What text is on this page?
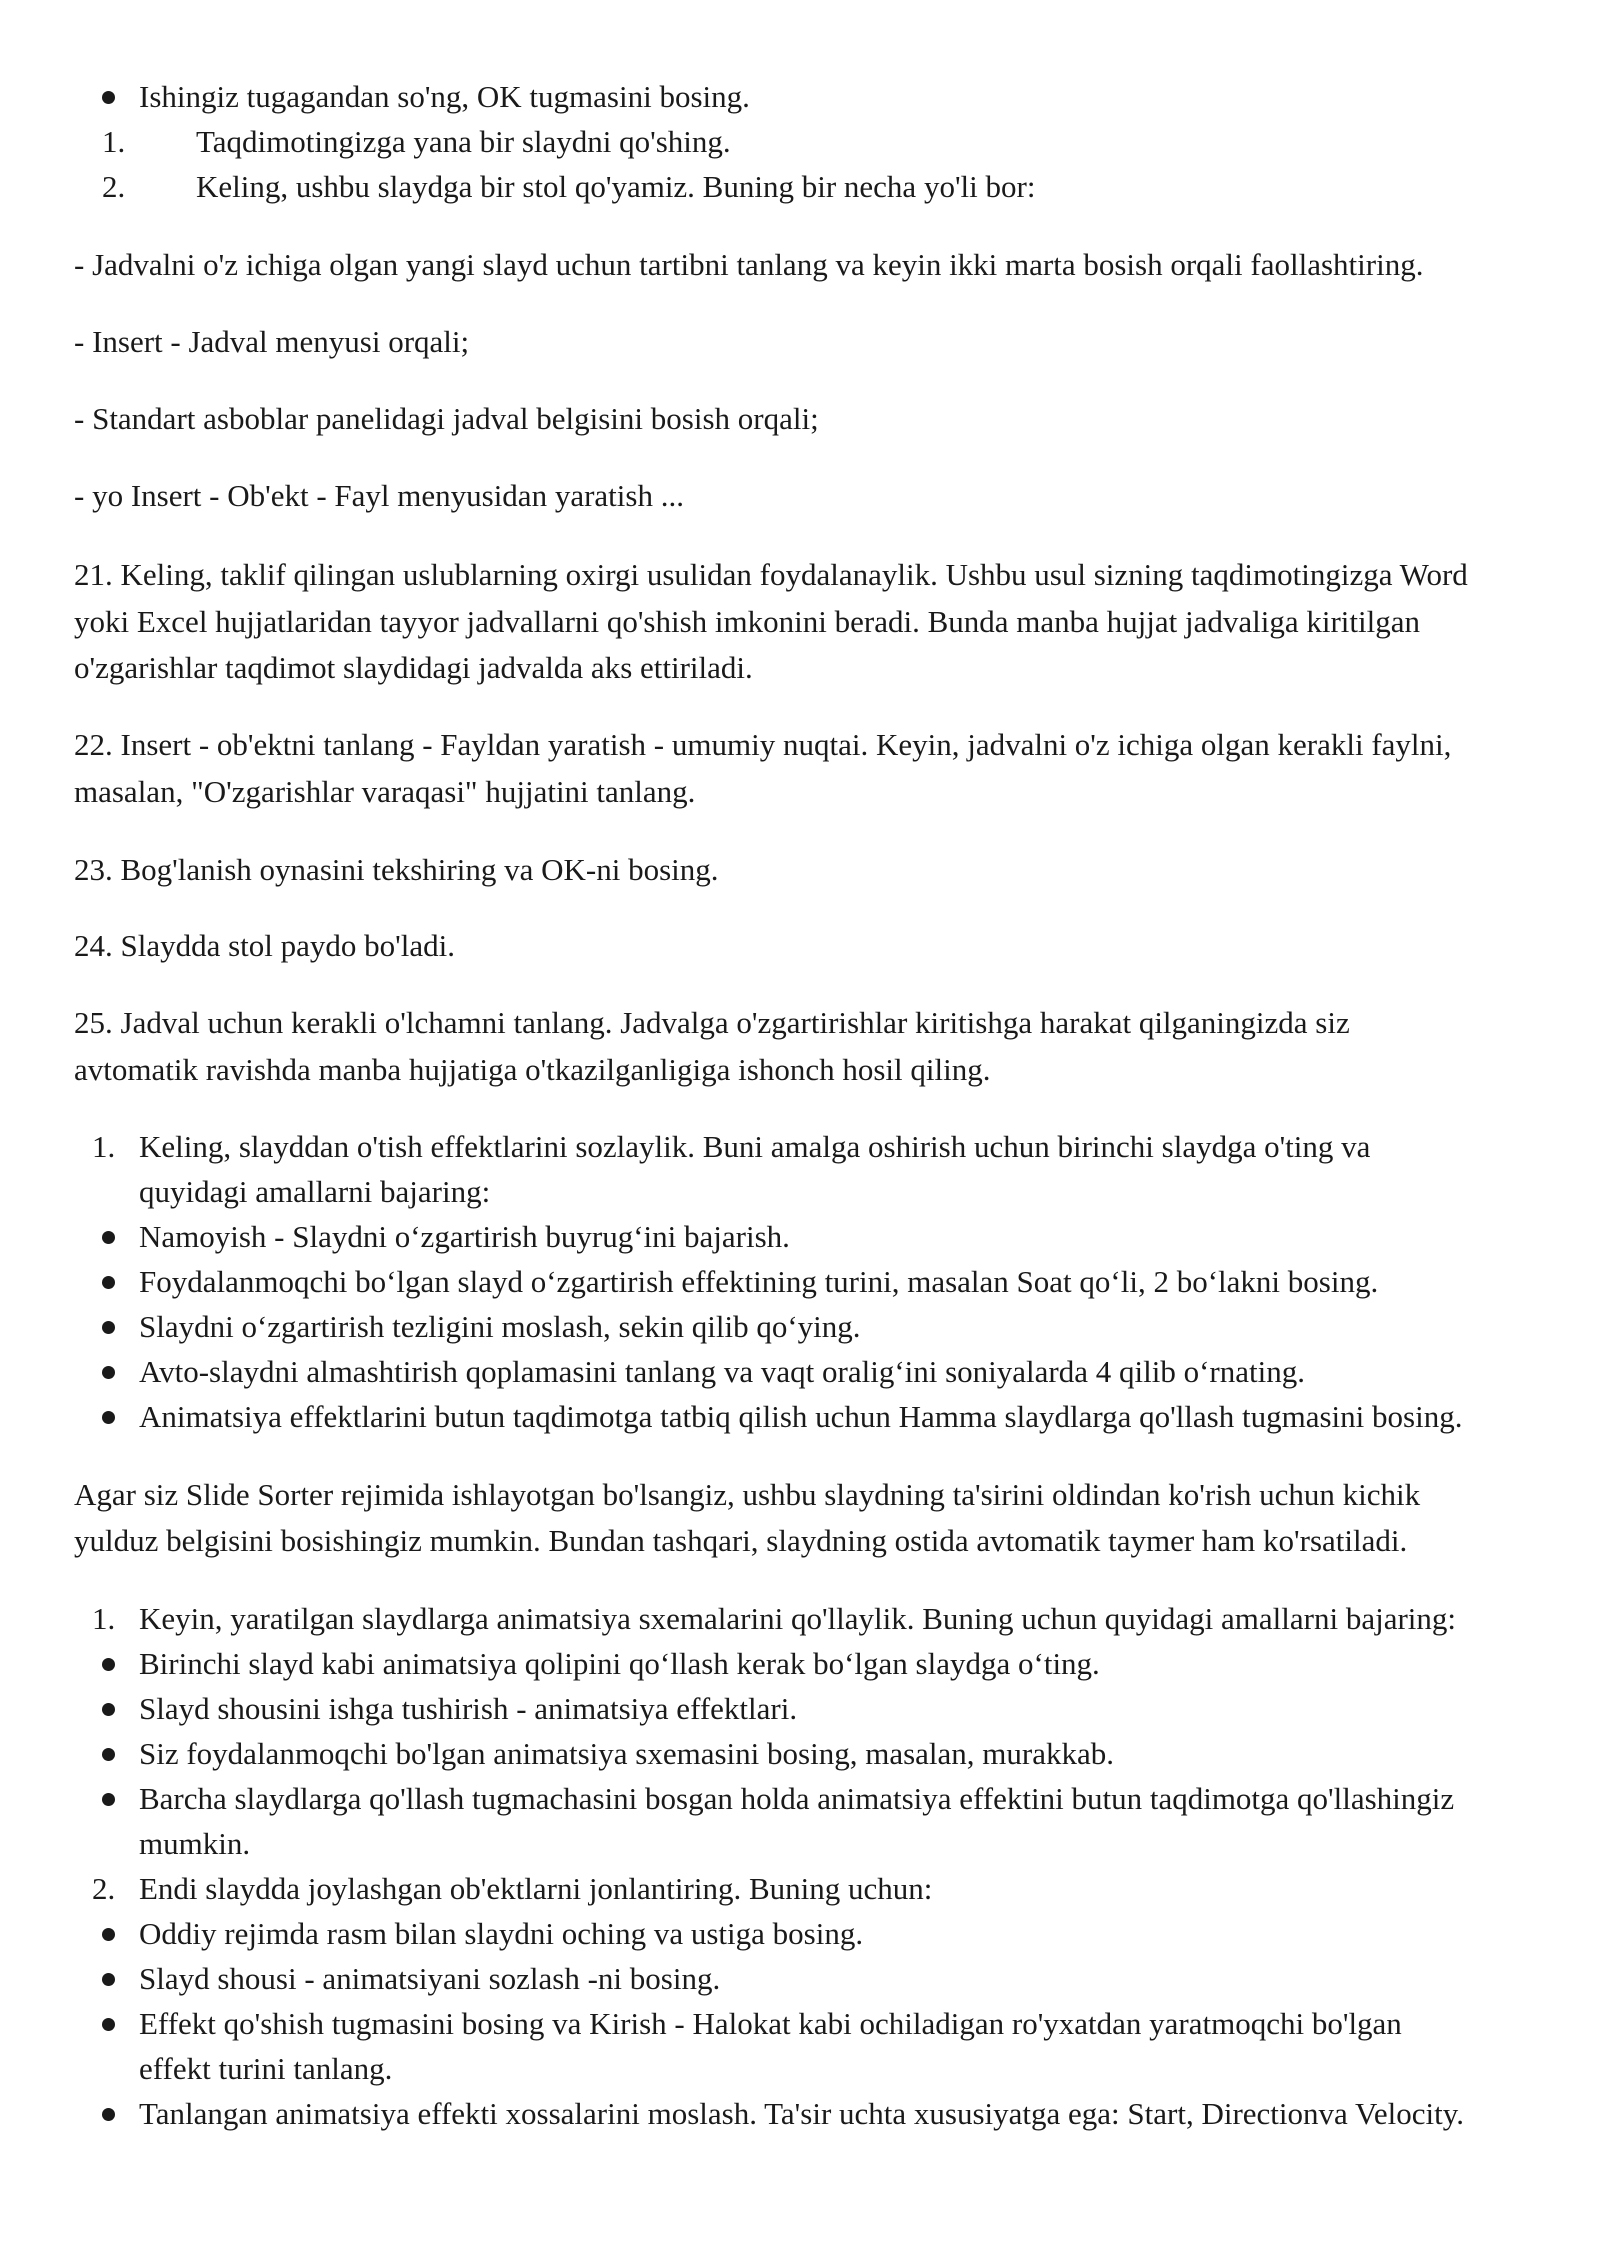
Ishingiz tugagandan so'ng, OK tugmasini bosing.
1. Taqdimotingizga yana bir slaydni qo'shing.
2. Keling, ushbu slaydga bir stol qo'yamiz. Buning bir necha yo'li bor:
- Jadvalni o'z ichiga olgan yangi slayd uchun tartibni tanlang va keyin ikki marta bosish orqali faollashtiring.
- Insert - Jadval menyusi orqali;
- Standart asboblar panelidagi jadval belgisini bosish orqali;
- yo Insert - Ob'ekt - Fayl menyusidan yaratish ...
21. Keling, taklif qilingan uslublarning oxirgi usulidan foydalanaylik. Ushbu usul sizning taqdimotingizga Word
yoki Excel hujjatlaridan tayyor jadvallarni qo'shish imkonini beradi. Bunda manba hujjat jadvaliga kiritilgan
o'zgarishlar taqdimot slaydidagi jadvalda aks ettiriladi.
22. Insert - ob'ektni tanlang - Fayldan yaratish - umumiy nuqtai. Keyin, jadvalni o'z ichiga olgan kerakli faylni,
masalan, "O'zgarishlar varaqasi" hujjatini tanlang.
23. Bog'lanish oynasini tekshiring va OK-ni bosing.
24. Slaydda stol paydo bo'ladi.
25. Jadval uchun kerakli o'lchamni tanlang. Jadvalga o'zgartirishlar kiritishga harakat qilganingizda siz
avtomatik ravishda manba hujjatiga o'tkazilganligiga ishonch hosil qiling.
1. Keling, slayddan o'tish effektlarini sozlaylik. Buni amalga oshirish uchun birinchi slaydga o'ting va
quyidagi amallarni bajaring:
Namoyish - Slaydni o‘zgartirish buyrug‘ini bajarish.
Foydalanmoqchi bo‘lgan slayd o‘zgartirish effektining turini, masalan Soat qo‘li, 2 bo‘lakni bosing.
Slaydni o‘zgartirish tezligini moslash, sekin qilib qo‘ying.
Avto-slaydni almashtirish qoplamasini tanlang va vaqt oralig‘ini soniyalarda 4 qilib o‘rnating.
Animatsiya effektlarini butun taqdimotga tatbiq qilish uchun Hamma slaydlarga qo'llash tugmasini bosing.
Agar siz Slide Sorter rejimida ishlayotgan bo'lsangiz, ushbu slaydning ta'sirini oldindan ko'rish uchun kichik
yulduz belgisini bosishingiz mumkin. Bundan tashqari, slaydning ostida avtomatik taymer ham ko'rsatiladi.
1. Keyin, yaratilgan slaydlarga animatsiya sxemalarini qo'llaylik. Buning uchun quyidagi amallarni bajaring:
Birinchi slayd kabi animatsiya qolipini qo‘llash kerak bo‘lgan slaydga o‘ting.
Slayd shousini ishga tushirish - animatsiya effektlari.
Siz foydalanmoqchi bo'lgan animatsiya sxemasini bosing, masalan, murakkab.
Barcha slaydlarga qo'llash tugmachasini bosgan holda animatsiya effektini butun taqdimotga qo'llashingiz
mumkin.
2. Endi slaydda joylashgan ob'ektlarni jonlantiring. Buning uchun:
Oddiy rejimda rasm bilan slaydni oching va ustiga bosing.
Slayd shousi - animatsiyani sozlash -ni bosing.
Effekt qo'shish tugmasini bosing va Kirish - Halokat kabi ochiladigan ro'yxatdan yaratmoqchi bo'lgan
effekt turini tanlang.
Tanlangan animatsiya effekti xossalarini moslash. Ta'sir uchta xususiyatga ega: Start, Directionva Velocity.
